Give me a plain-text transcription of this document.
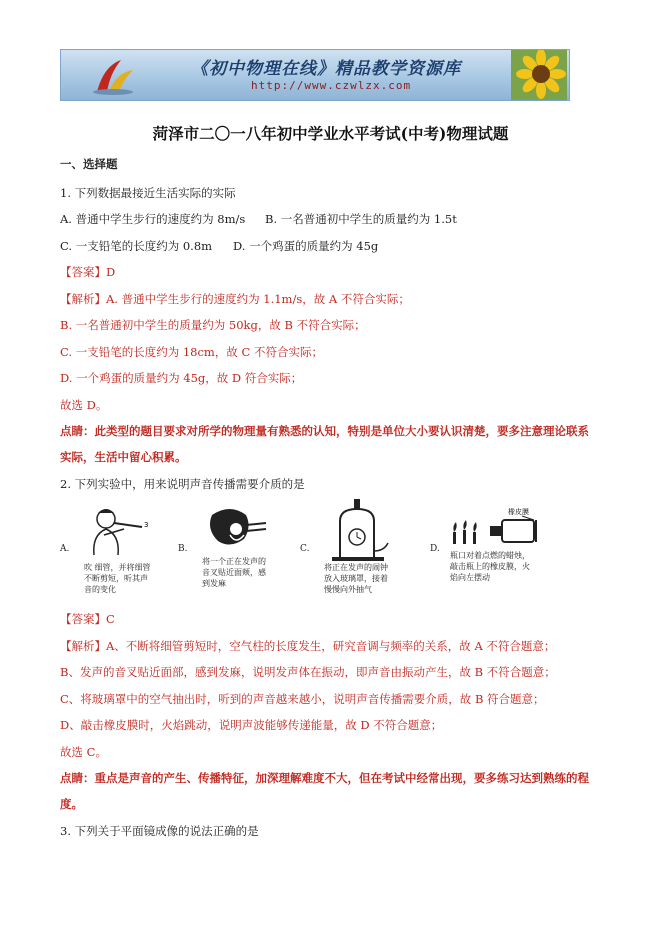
《初中物理在线》精品教学资源库
http://www.czwlzx.com
菏泽市二〇一八年初中学业水平考试(中考)物理试题
一、选择题
1. 下列数据最接近生活实际的实际
A. 普通中学生步行的速度约为 8m/s B. 一名普通初中学生的质量约为 1.5t
C. 一支铅笔的长度约为 0.8m D. 一个鸡蛋的质量约为 45g
【答案】D
【解析】A. 普通中学生步行的速度约为 1.1m/s，故 A 不符合实际；
B. 一名普通初中学生的质量约为 50kg，故 B 不符合实际；
C. 一支铅笔的长度约为 18cm，故 C 不符合实际；
D. 一个鸡蛋的质量约为 45g，故 D 符合实际；
故选 D。
点睛：此类型的题目要求对所学的物理量有熟悉的认知，特别是单位大小要认识清楚，要多注意理论联系
实际，生活中留心积累。
2. 下列实验中，用来说明声音传播需要介质的是
A.
3
吹 细管，并将细管不断剪短，听其声音的变化
B.
将一个正在发声的音叉贴近面颊，感到发麻
C.
将正在发声的闹钟放入玻璃罩，接着慢慢向外抽气
D.
橡皮膜
瓶口对着点燃的蜡烛，敲击瓶上的橡皮膜，火焰向左摆动
【答案】C
【解析】A、不断将细管剪短时，空气柱的长度发生，研究音调与频率的关系，故 A 不符合题意；
B、发声的音叉贴近面部，感到发麻，说明发声体在振动，即声音由振动产生，故 B 不符合题意；
C、将玻璃罩中的空气抽出时，听到的声音越来越小，说明声音传播需要介质，故 B 符合题意；
D、敲击橡皮膜时，火焰跳动，说明声波能够传递能量，故 D 不符合题意；
故选 C。
点睛：重点是声音的产生、传播特征，加深理解难度不大，但在考试中经常出现，要多练习达到熟练的程
度。
3. 下列关于平面镜成像的说法正确的是
